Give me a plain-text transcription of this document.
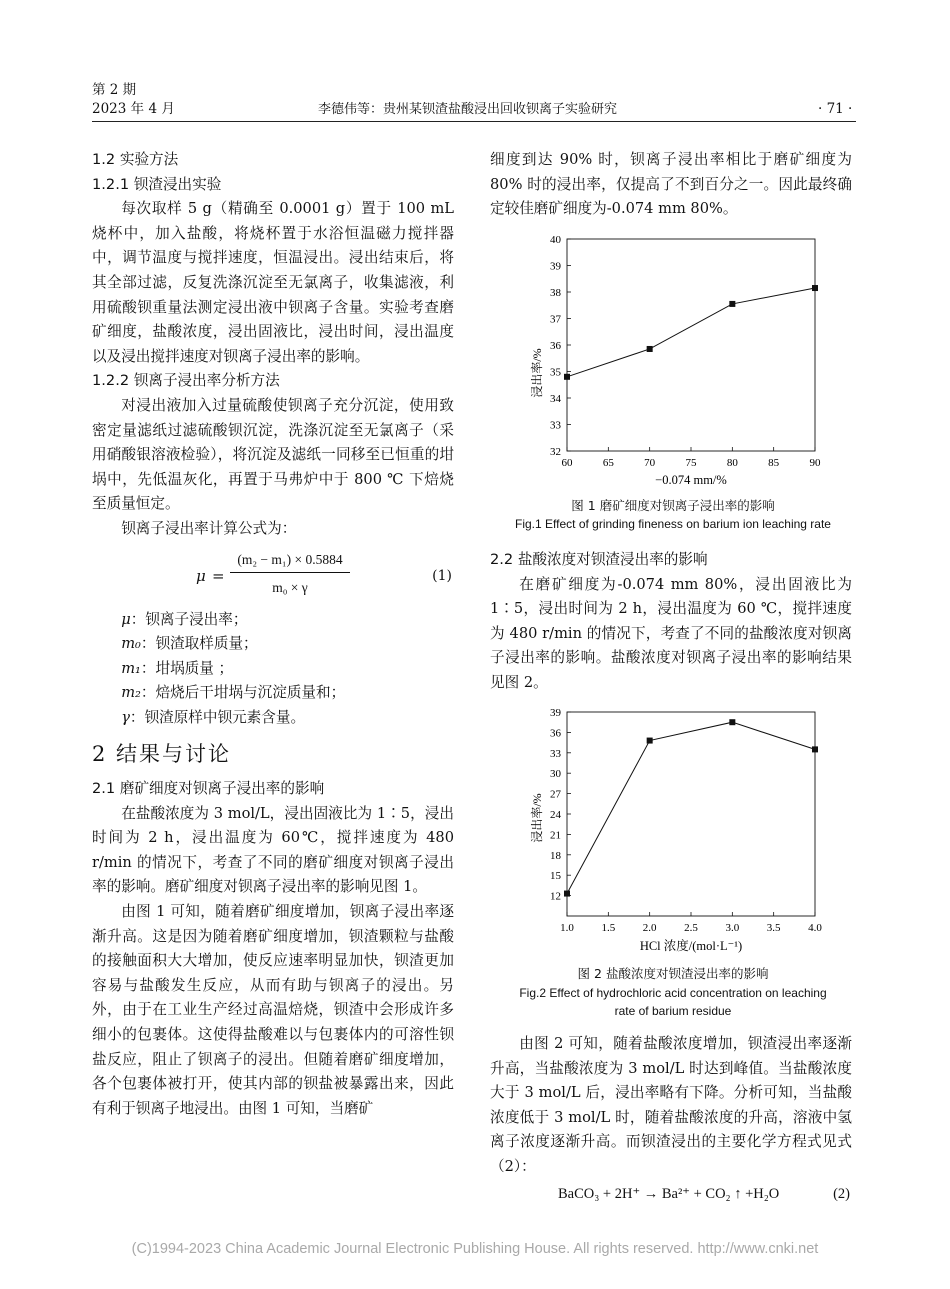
第 2 期
2023 年 4 月	李德伟等：贵州某钡渣盐酸浸出回收钡离子实验研究	· 71 ·

1.2 实验方法

1.2.1 钡渣浸出实验

每次取样 5 g（精确至 0.0001 g）置于 100 mL 烧杯中，加入盐酸，将烧杯置于水浴恒温磁力搅拌器中，调节温度与搅拌速度，恒温浸出。浸出结束后，将其全部过滤，反复洗涤沉淀至无氯离子，收集滤液，利用硫酸钡重量法测定浸出液中钡离子含量。实验考查磨矿细度，盐酸浓度，浸出固液比，浸出时间，浸出温度以及浸出搅拌速度对钡离子浸出率的影响。

1.2.2 钡离子浸出率分析方法

对浸出液加入过量硫酸使钡离子充分沉淀，使用致密定量滤纸过滤硫酸钡沉淀，洗涤沉淀至无氯离子（采用硝酸银溶液检验），将沉淀及滤纸一同移至已恒重的坩埚中，先低温灰化，再置于马弗炉中于 800 ℃ 下焙烧至质量恒定。

钡离子浸出率计算公式为：

μ =
(m₂ − m₁) × 0.5884
m₀ × γ
(1)

μ：钡离子浸出率；

m₀：钡渣取样质量；

m₁：坩埚质量 ；

m₂：焙烧后干坩埚与沉淀质量和；

γ：钡渣原样中钡元素含量。

2 结果与讨论

2.1 磨矿细度对钡离子浸出率的影响

在盐酸浓度为 3 mol/L，浸出固液比为 1∶5，浸出时间为 2 h，浸出温度为 60℃，搅拌速度为 480 r/min 的情况下，考查了不同的磨矿细度对钡离子浸出率的影响。磨矿细度对钡离子浸出率的影响见图 1。

由图 1 可知，随着磨矿细度增加，钡离子浸出率逐渐升高。这是因为随着磨矿细度增加，钡渣颗粒与盐酸的接触面积大大增加，使反应速率明显加快，钡渣更加容易与盐酸发生反应，从而有助与钡离子的浸出。另外，由于在工业生产经过高温焙烧，钡渣中会形成许多细小的包裹体。这使得盐酸难以与包裹体内的可溶性钡盐反应，阻止了钡离子的浸出。但随着磨矿细度增加，各个包裹体被打开，使其内部的钡盐被暴露出来，因此有利于钡离子地浸出。由图 1 可知，当磨矿

细度到达 90% 时，钡离子浸出率相比于磨矿细度为 80% 时的浸出率，仅提高了不到百分之一。因此最终确定较佳磨矿细度为-0.074 mm 80%。

32
33
34
35
36
37
38
39
40
60	65	70	75	80	85	90
浸出率/%
−0.074 mm/%
图 1 磨矿细度对钡离子浸出率的影响
Fig.1 Effect of grinding fineness on barium ion leaching rate

2.2 盐酸浓度对钡渣浸出率的影响

在磨矿细度为-0.074 mm 80%，浸出固液比为 1∶5，浸出时间为 2 h，浸出温度为 60 ℃，搅拌速度为 480 r/min 的情况下，考查了不同的盐酸浓度对钡离子浸出率的影响。盐酸浓度对钡离子浸出率的影响结果见图 2。

12
15
18
21
24
27
30
33
36
39
1.0	1.5	2.0	2.5	3.0	3.5	4.0
浸出率/%
HCl 浓度/(mol·L⁻¹)
图 2 盐酸浓度对钡渣浸出率的影响
Fig.2 Effect of hydrochloric acid concentration on leaching
rate of barium residue

由图 2 可知，随着盐酸浓度增加，钡渣浸出率逐渐升高，当盐酸浓度为 3 mol/L 时达到峰值。当盐酸浓度大于 3 mol/L 后，浸出率略有下降。分析可知，当盐酸浓度低于 3 mol/L 时，随着盐酸浓度的升高，溶液中氢离子浓度逐渐升高。而钡渣浸出的主要化学方程式见式（2）：

BaCO₃ + 2H⁺ → Ba²⁺ + CO₂ ↑ +H₂O	(2)
(C)1994-2023 China Academic Journal Electronic Publishing House. All rights reserved. http://www.cnki.net
